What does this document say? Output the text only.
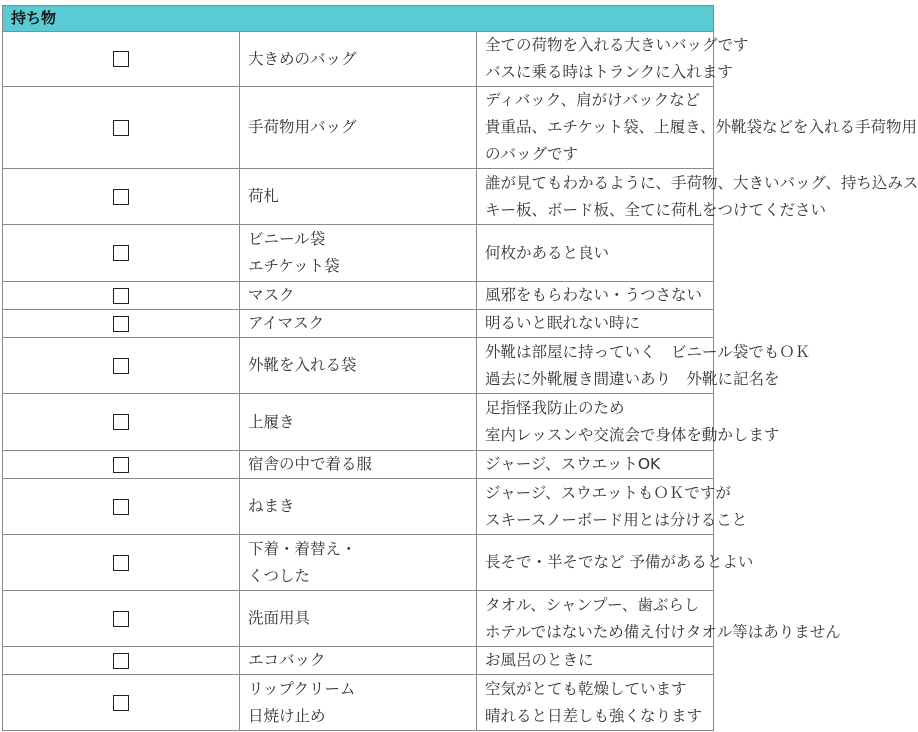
持ち物		

	大きめのバッグ	全ての荷物を入れる大きいバッグです
バスに乗る時はトランクに入れます

	手荷物用バッグ	ディバック、肩がけバックなど
貴重品、エチケット袋、上履き、外靴袋などを入れる手荷物用
のバッグです

	荷札	誰が見てもわかるように、手荷物、大きいバッグ、持ち込みス
キー板、ボード板、全てに荷札をつけてください

	ビニール袋
エチケット袋	何枚かあると良い

	マスク	風邪をもらわない・うつさない

	アイマスク	明るいと眠れない時に

	外靴を入れる袋	外靴は部屋に持っていく　ビニール袋でもＯＫ
過去に外靴履き間違いあり　外靴に記名を

	上履き	足指怪我防止のため
室内レッスンや交流会で身体を動かします

	宿舎の中で着る服	ジャージ、スウエットOK

	ねまき	ジャージ、スウエットもＯＫですが
スキースノーボード用とは分けること

	下着・着替え・
くつした	長そで・半そでなど 予備があるとよい

	洗面用具	タオル、シャンプー、歯ぶらし
ホテルではないため備え付けタオル等はありません

	エコバック	お風呂のときに

	リップクリーム
日焼け止め	空気がとても乾燥しています
晴れると日差しも強くなります
